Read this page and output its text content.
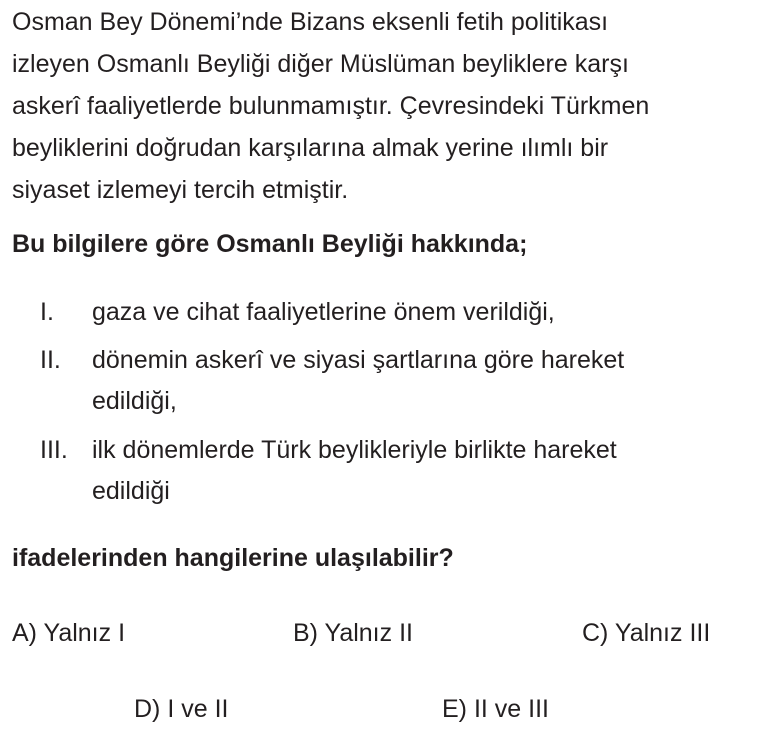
Osman Bey Dönemi’nde Bizans eksenli fetih politikası
izleyen Osmanlı Beyliği diğer Müslüman beyliklere karşı
askerî faaliyetlerde bulunmamıştır. Çevresindeki Türkmen
beyliklerini doğrudan karşılarına almak yerine ılımlı bir
siyaset izlemeyi tercih etmiştir.
Bu bilgilere göre Osmanlı Beyliği hakkında;
I. gaza ve cihat faaliyetlerine önem verildiği,
II. dönemin askerî ve siyasi şartlarına göre hareket
edildiği,
III. ilk dönemlerde Türk beylikleriyle birlikte hareket
edildiği
ifadelerinden hangilerine ulaşılabilir?
A) Yalnız I	B) Yalnız II	C) Yalnız III
D) I ve II	E) II ve III
